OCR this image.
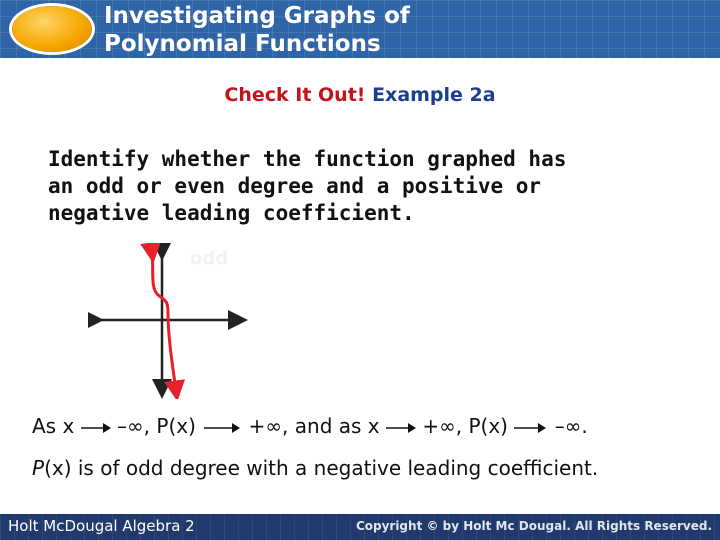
Investigating Graphs of
Polynomial Functions
Check It Out! Example 2a
Identify whether the function graphed has
an odd or even degree and a positive or
negative leading coefficient.
odd
As x –∞, P(x)	+∞, and as x +∞, P(x) –∞.
P(x) is of odd degree with a negative leading coefficient.
Holt McDougal Algebra 2	Copyright © by Holt Mc Dougal. All Rights Reserved.
